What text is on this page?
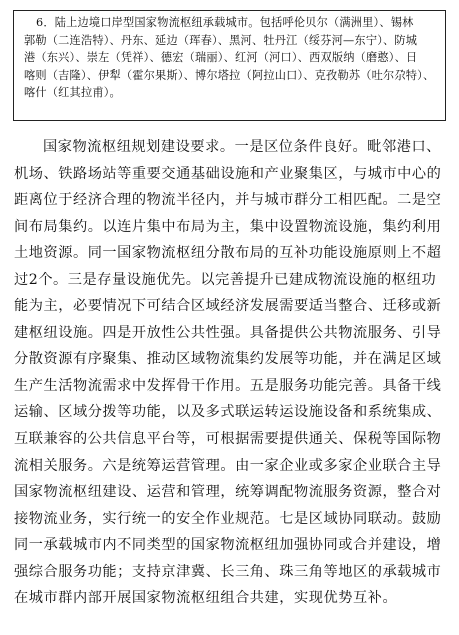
6．陆上边境口岸型国家物流枢纽承载城市。包括呼伦贝尔（满洲里）、锡林
郭勒（二连浩特）、丹东、延边（珲春）、黑河、牡丹江（绥芬河—东宁）、防城
港（东兴）、崇左（凭祥）、德宏（瑞丽）、红河（河口）、西双版纳（磨憨）、日
喀则（吉隆）、伊犁（霍尔果斯）、博尔塔拉（阿拉山口）、克孜勒苏（吐尔尕特）、
喀什（红其拉甫）。
国家物流枢纽规划建设要求。一是区位条件良好。毗邻港口、
机场、铁路场站等重要交通基础设施和产业聚集区，与城市中心的
距离位于经济合理的物流半径内，并与城市群分工相匹配。二是空
间布局集约。以连片集中布局为主，集中设置物流设施，集约利用
土地资源。同一国家物流枢纽分散布局的互补功能设施原则上不超
过2个。三是存量设施优先。以完善提升已建成物流设施的枢纽功
能为主，必要情况下可结合区域经济发展需要适当整合、迁移或新
建枢纽设施。四是开放性公共性强。具备提供公共物流服务、引导
分散资源有序聚集、推动区域物流集约发展等功能，并在满足区域
生产生活物流需求中发挥骨干作用。五是服务功能完善。具备干线
运输、区域分拨等功能，以及多式联运转运设施设备和系统集成、
互联兼容的公共信息平台等，可根据需要提供通关、保税等国际物
流相关服务。六是统筹运营管理。由一家企业或多家企业联合主导
国家物流枢纽建设、运营和管理，统筹调配物流服务资源，整合对
接物流业务，实行统一的安全作业规范。七是区域协同联动。鼓励
同一承载城市内不同类型的国家物流枢纽加强协同或合并建设，增
强综合服务功能；支持京津冀、长三角、珠三角等地区的承载城市
在城市群内部开展国家物流枢纽组合共建，实现优势互补。
